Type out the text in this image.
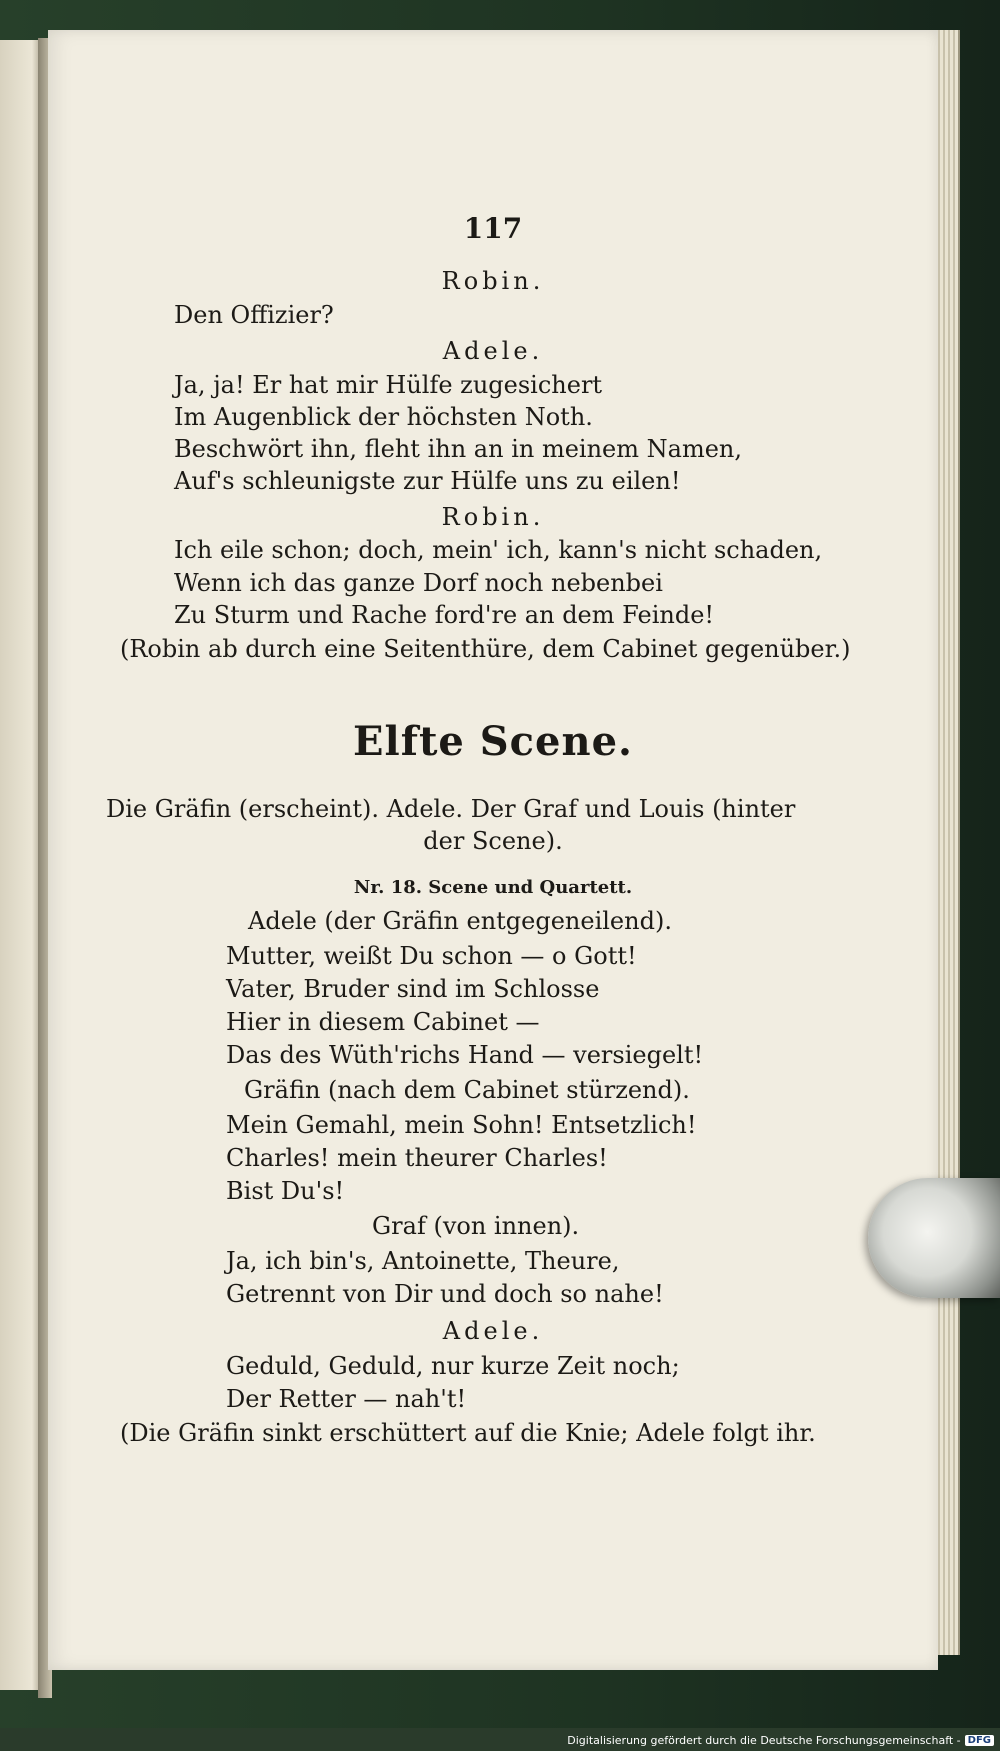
117
Robin.
Den Offizier?
Adele.
Ja, ja! Er hat mir Hülfe zugesichert
Im Augenblick der höchsten Noth.
Beschwört ihn, fleht ihn an in meinem Namen,
Auf's schleunigste zur Hülfe uns zu eilen!
Robin.
Ich eile schon; doch, mein' ich, kann's nicht schaden,
Wenn ich das ganze Dorf noch nebenbei
Zu Sturm und Rache ford're an dem Feinde!
(Robin ab durch eine Seitenthüre, dem Cabinet gegenüber.)
Elfte Scene.
Die Gräfin (erscheint). Adele. Der Graf und Louis (hinter
der Scene).
Nr. 18. Scene und Quartett.
Adele (der Gräfin entgegeneilend).
Mutter, weißt Du schon — o Gott!
Vater, Bruder sind im Schlosse
Hier in diesem Cabinet —
Das des Wüth'richs Hand — versiegelt!
Gräfin (nach dem Cabinet stürzend).
Mein Gemahl, mein Sohn! Entsetzlich!
Charles! mein theurer Charles!
Bist Du's!
Graf (von innen).
Ja, ich bin's, Antoinette, Theure,
Getrennt von Dir und doch so nahe!
Adele.
Geduld, Geduld, nur kurze Zeit noch;
Der Retter — nah't!
(Die Gräfin sinkt erschüttert auf die Knie; Adele folgt ihr.
Digitalisierung gefördert durch die Deutsche Forschungsgemeinschaft - DFG
